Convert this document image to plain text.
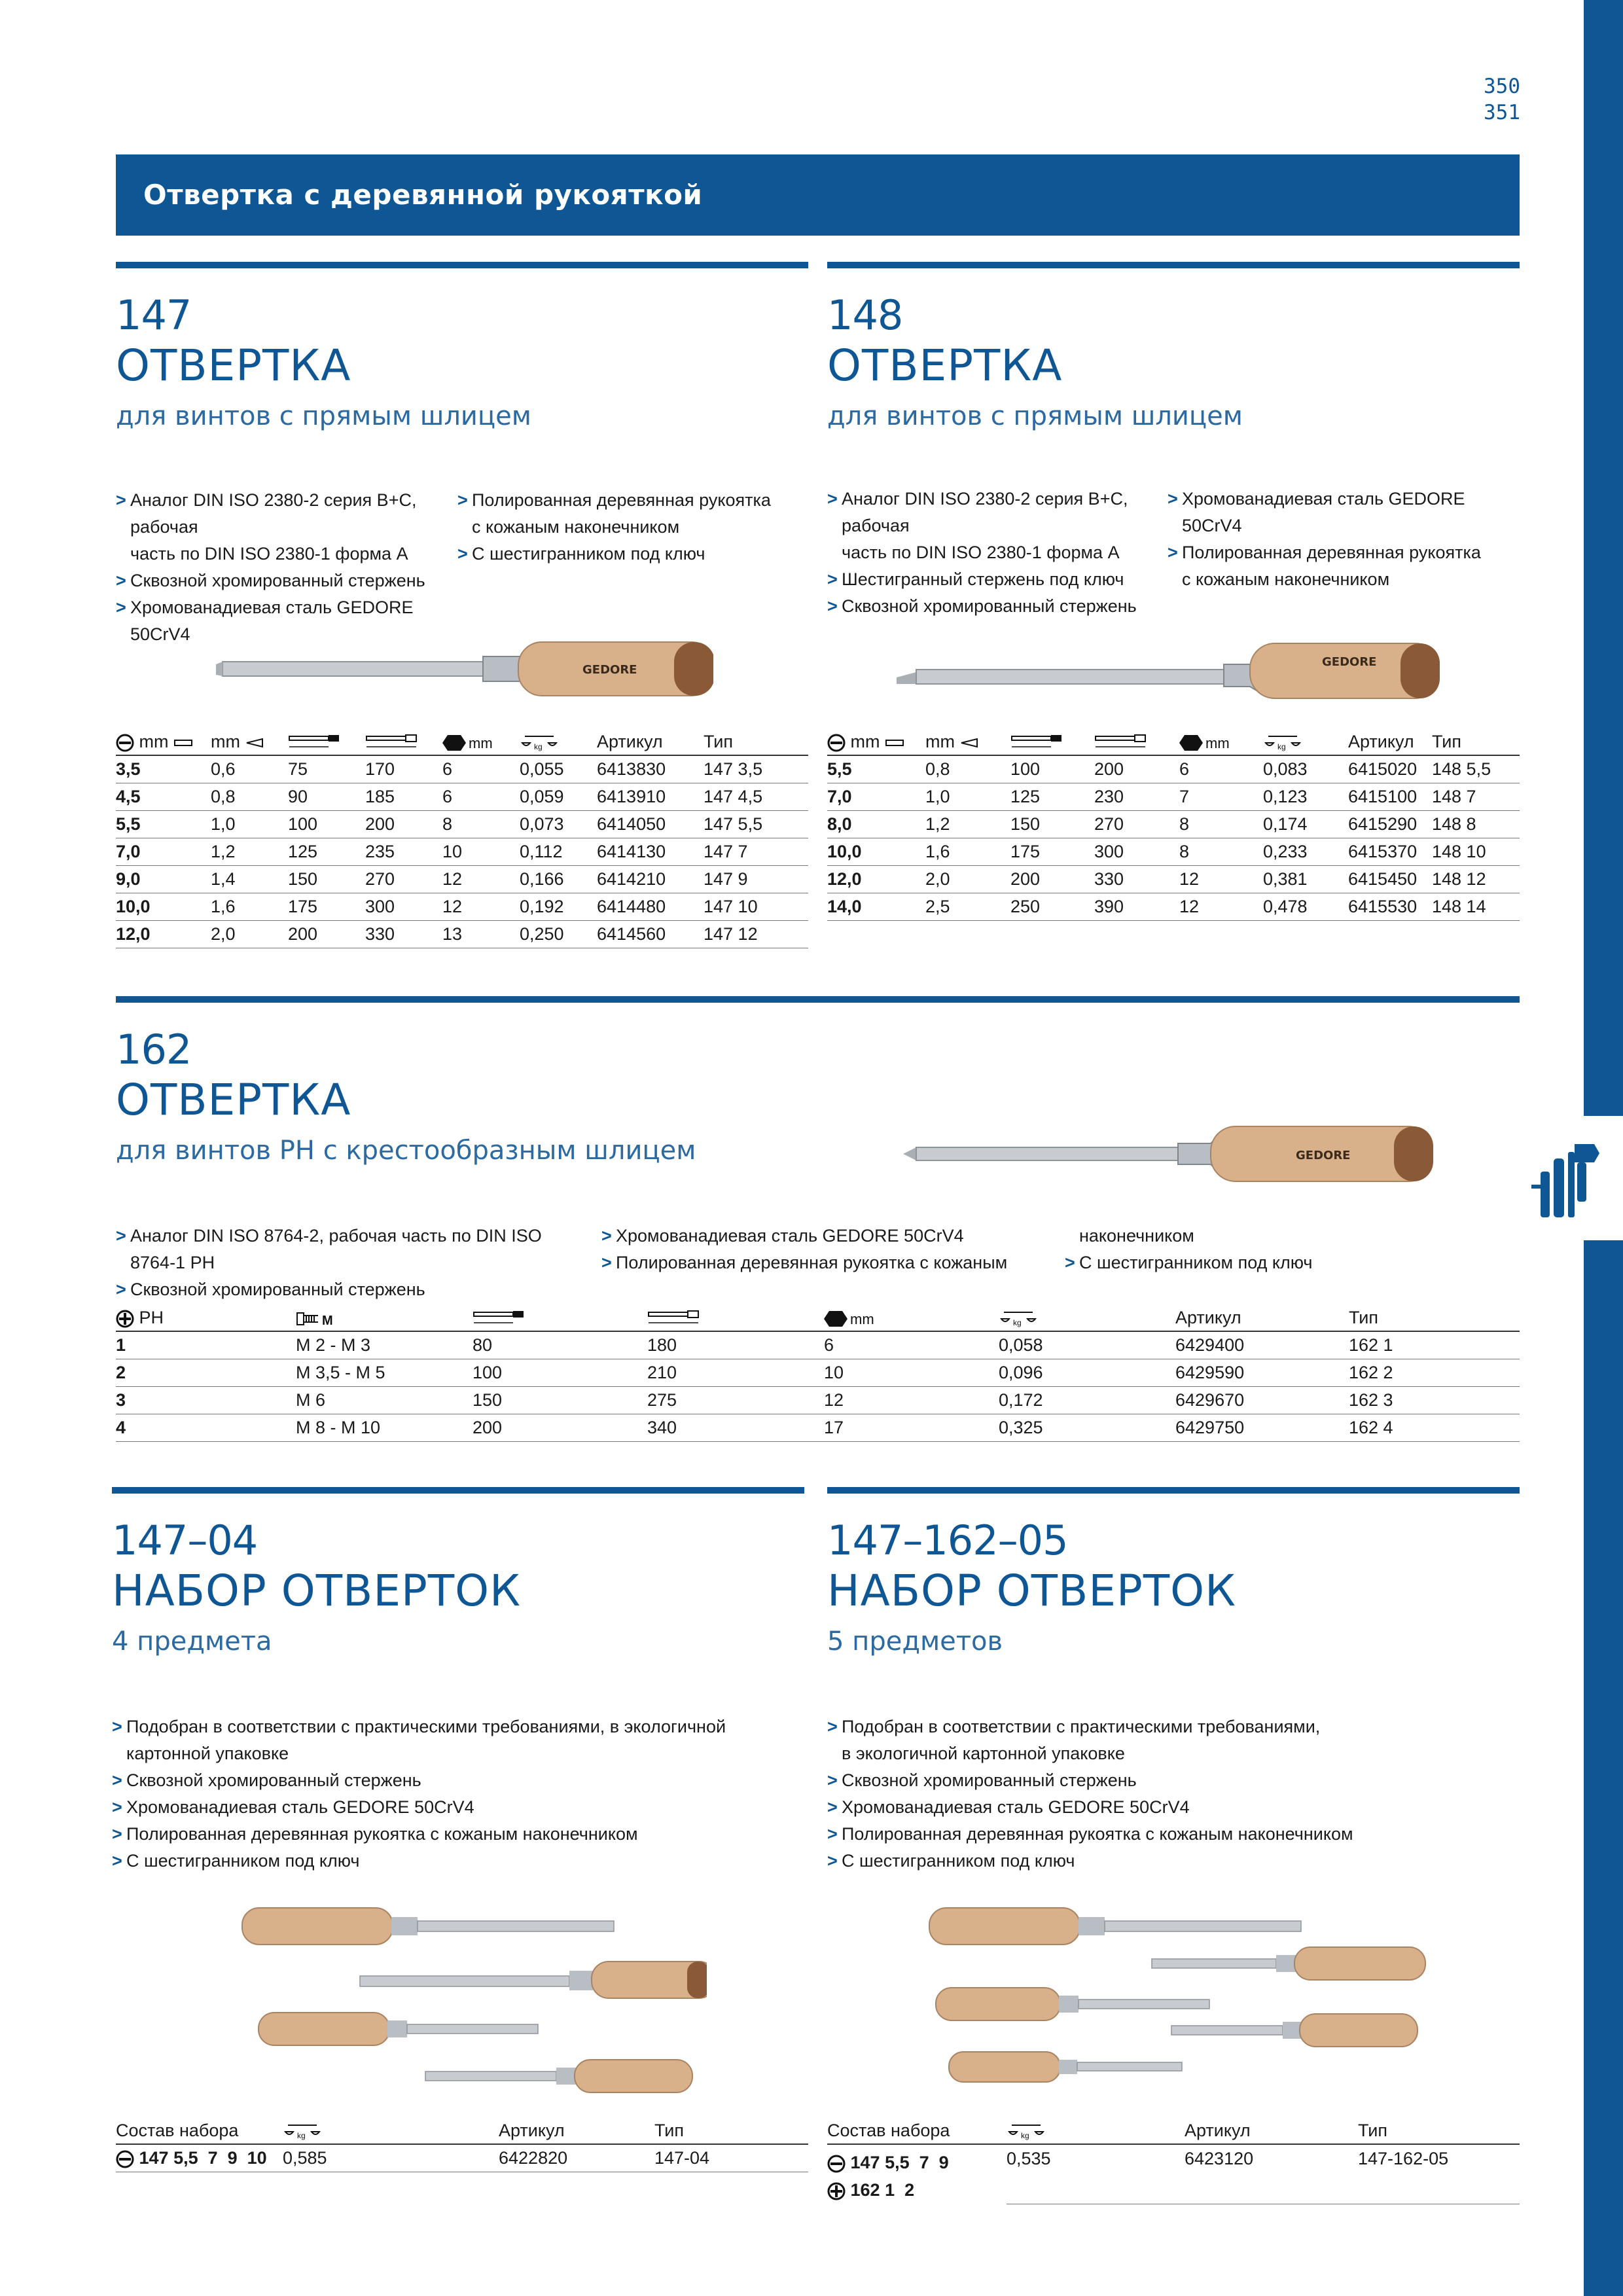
350
351
Отвертка с деревянной рукояткой
147
ОТВЕРТКА
для винтов с прямым шлицем
> Аналог DIN ISO 2380-2 серия B+C, рабочая
часть по DIN ISO 2380-1 форма A
> Сквозной хромированный стержень
> Хромованадиевая сталь GEDORE 50CrV4
> Полированная деревянная рукоятка
с кожаным наконечником
> С шестигранником под ключ
GEDORE
mm	mm			mm	kg	Артикул	Тип
3,5	0,6	75	170	6	0,055	6413830	147 3,5
4,5	0,8	90	185	6	0,059	6413910	147 4,5
5,5	1,0	100	200	8	0,073	6414050	147 5,5
7,0	1,2	125	235	10	0,112	6414130	147 7
9,0	1,4	150	270	12	0,166	6414210	147 9
10,0	1,6	175	300	12	0,192	6414480	147 10
12,0	2,0	200	330	13	0,250	6414560	147 12
148
ОТВЕРТКА
для винтов с прямым шлицем
> Аналог DIN ISO 2380-2 серия B+C, рабочая
часть по DIN ISO 2380-1 форма A
> Шестигранный стержень под ключ
> Сквозной хромированный стержень
> Хромованадиевая сталь GEDORE 50CrV4
> Полированная деревянная рукоятка
с кожаным наконечником
GEDORE
mm	mm			mm	kg	Артикул	Тип
5,5	0,8	100	200	6	0,083	6415020	148 5,5
7,0	1,0	125	230	7	0,123	6415100	148 7
8,0	1,2	150	270	8	0,174	6415290	148 8
10,0	1,6	175	300	8	0,233	6415370	148 10
12,0	2,0	200	330	12	0,381	6415450	148 12
14,0	2,5	250	390	12	0,478	6415530	148 14
162
ОТВЕРТКА
для винтов PH с крестообразным шлицем	GEDORE
> Аналог DIN ISO 8764-2, рабочая часть по DIN ISO 8764-1 PH
> Сквозной хромированный стержень
> Хромованадиевая сталь GEDORE 50CrV4
> Полированная деревянная рукоятка с кожаным
наконечником
> С шестигранником под ключ
PH	M			mm	kg	Артикул	Тип
1	M 2 - M 3	80	180	6	0,058	6429400	162 1
2	M 3,5 - M 5	100	210	10	0,096	6429590	162 2
3	M 6	150	275	12	0,172	6429670	162 3
4	M 8 - M 10	200	340	17	0,325	6429750	162 4
147–04
НАБОР ОТВЕРТОК
4 предмета
> Подобран в соответствии с практическими требованиями, в экологичной
картонной упаковке
> Сквозной хромированный стержень
> Хромованадиевая сталь GEDORE 50CrV4
> Полированная деревянная рукоятка с кожаным наконечником
> С шестигранником под ключ
Состав набора	kg	Артикул	Тип
147 5,5  7  9  10	0,585	6422820	147-04
147–162–05
НАБОР ОТВЕРТОК
5 предметов
> Подобран в соответствии с практическими требованиями,
в экологичной картонной упаковке
> Сквозной хромированный стержень
> Хромованадиевая сталь GEDORE 50CrV4
> Полированная деревянная рукоятка с кожаным наконечником
> С шестигранником под ключ
Состав набора	kg	Артикул	Тип

147 5,5  7  9
162 1  2	0,535	6423120	147-162-05
